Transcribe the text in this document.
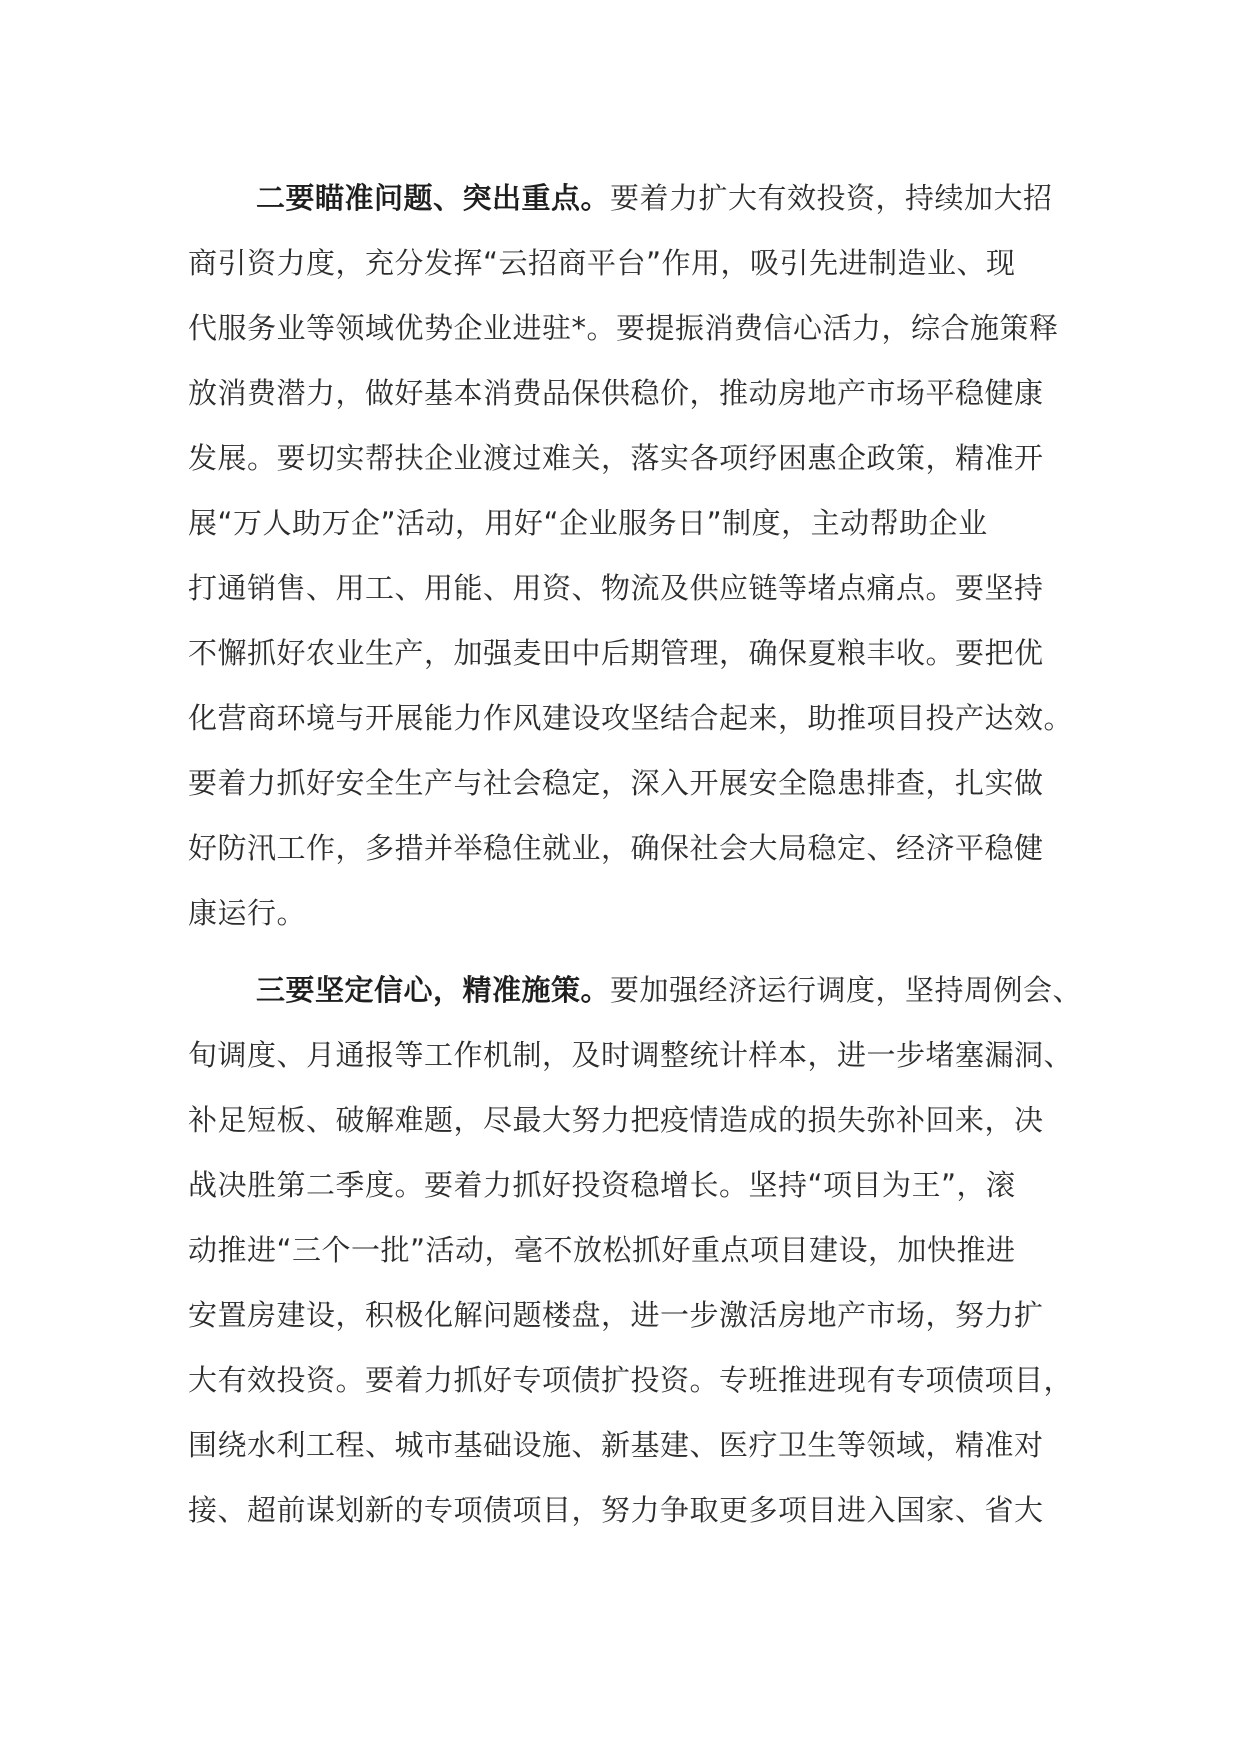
二要瞄准问题、突出重点。要着力扩大有效投资，持续加大招
商引资力度，充分发挥“云招商平台”作用，吸引先进制造业、现
代服务业等领域优势企业进驻*。要提振消费信心活力，综合施策释
放消费潜力，做好基本消费品保供稳价，推动房地产市场平稳健康
发展。要切实帮扶企业渡过难关，落实各项纾困惠企政策，精准开
展“万人助万企”活动，用好“企业服务日”制度，主动帮助企业
打通销售、用工、用能、用资、物流及供应链等堵点痛点。要坚持
不懈抓好农业生产，加强麦田中后期管理，确保夏粮丰收。要把优
化营商环境与开展能力作风建设攻坚结合起来，助推项目投产达效。
要着力抓好安全生产与社会稳定，深入开展安全隐患排查，扎实做
好防汛工作，多措并举稳住就业，确保社会大局稳定、经济平稳健
康运行。

三要坚定信心，精准施策。要加强经济运行调度，坚持周例会、
旬调度、月通报等工作机制，及时调整统计样本，进一步堵塞漏洞、
补足短板、破解难题，尽最大努力把疫情造成的损失弥补回来，决
战决胜第二季度。要着力抓好投资稳增长。坚持“项目为王”，滚
动推进“三个一批”活动，毫不放松抓好重点项目建设，加快推进
安置房建设，积极化解问题楼盘，进一步激活房地产市场，努力扩
大有效投资。要着力抓好专项债扩投资。专班推进现有专项债项目，
围绕水利工程、城市基础设施、新基建、医疗卫生等领域，精准对
接、超前谋划新的专项债项目，努力争取更多项目进入国家、省大
